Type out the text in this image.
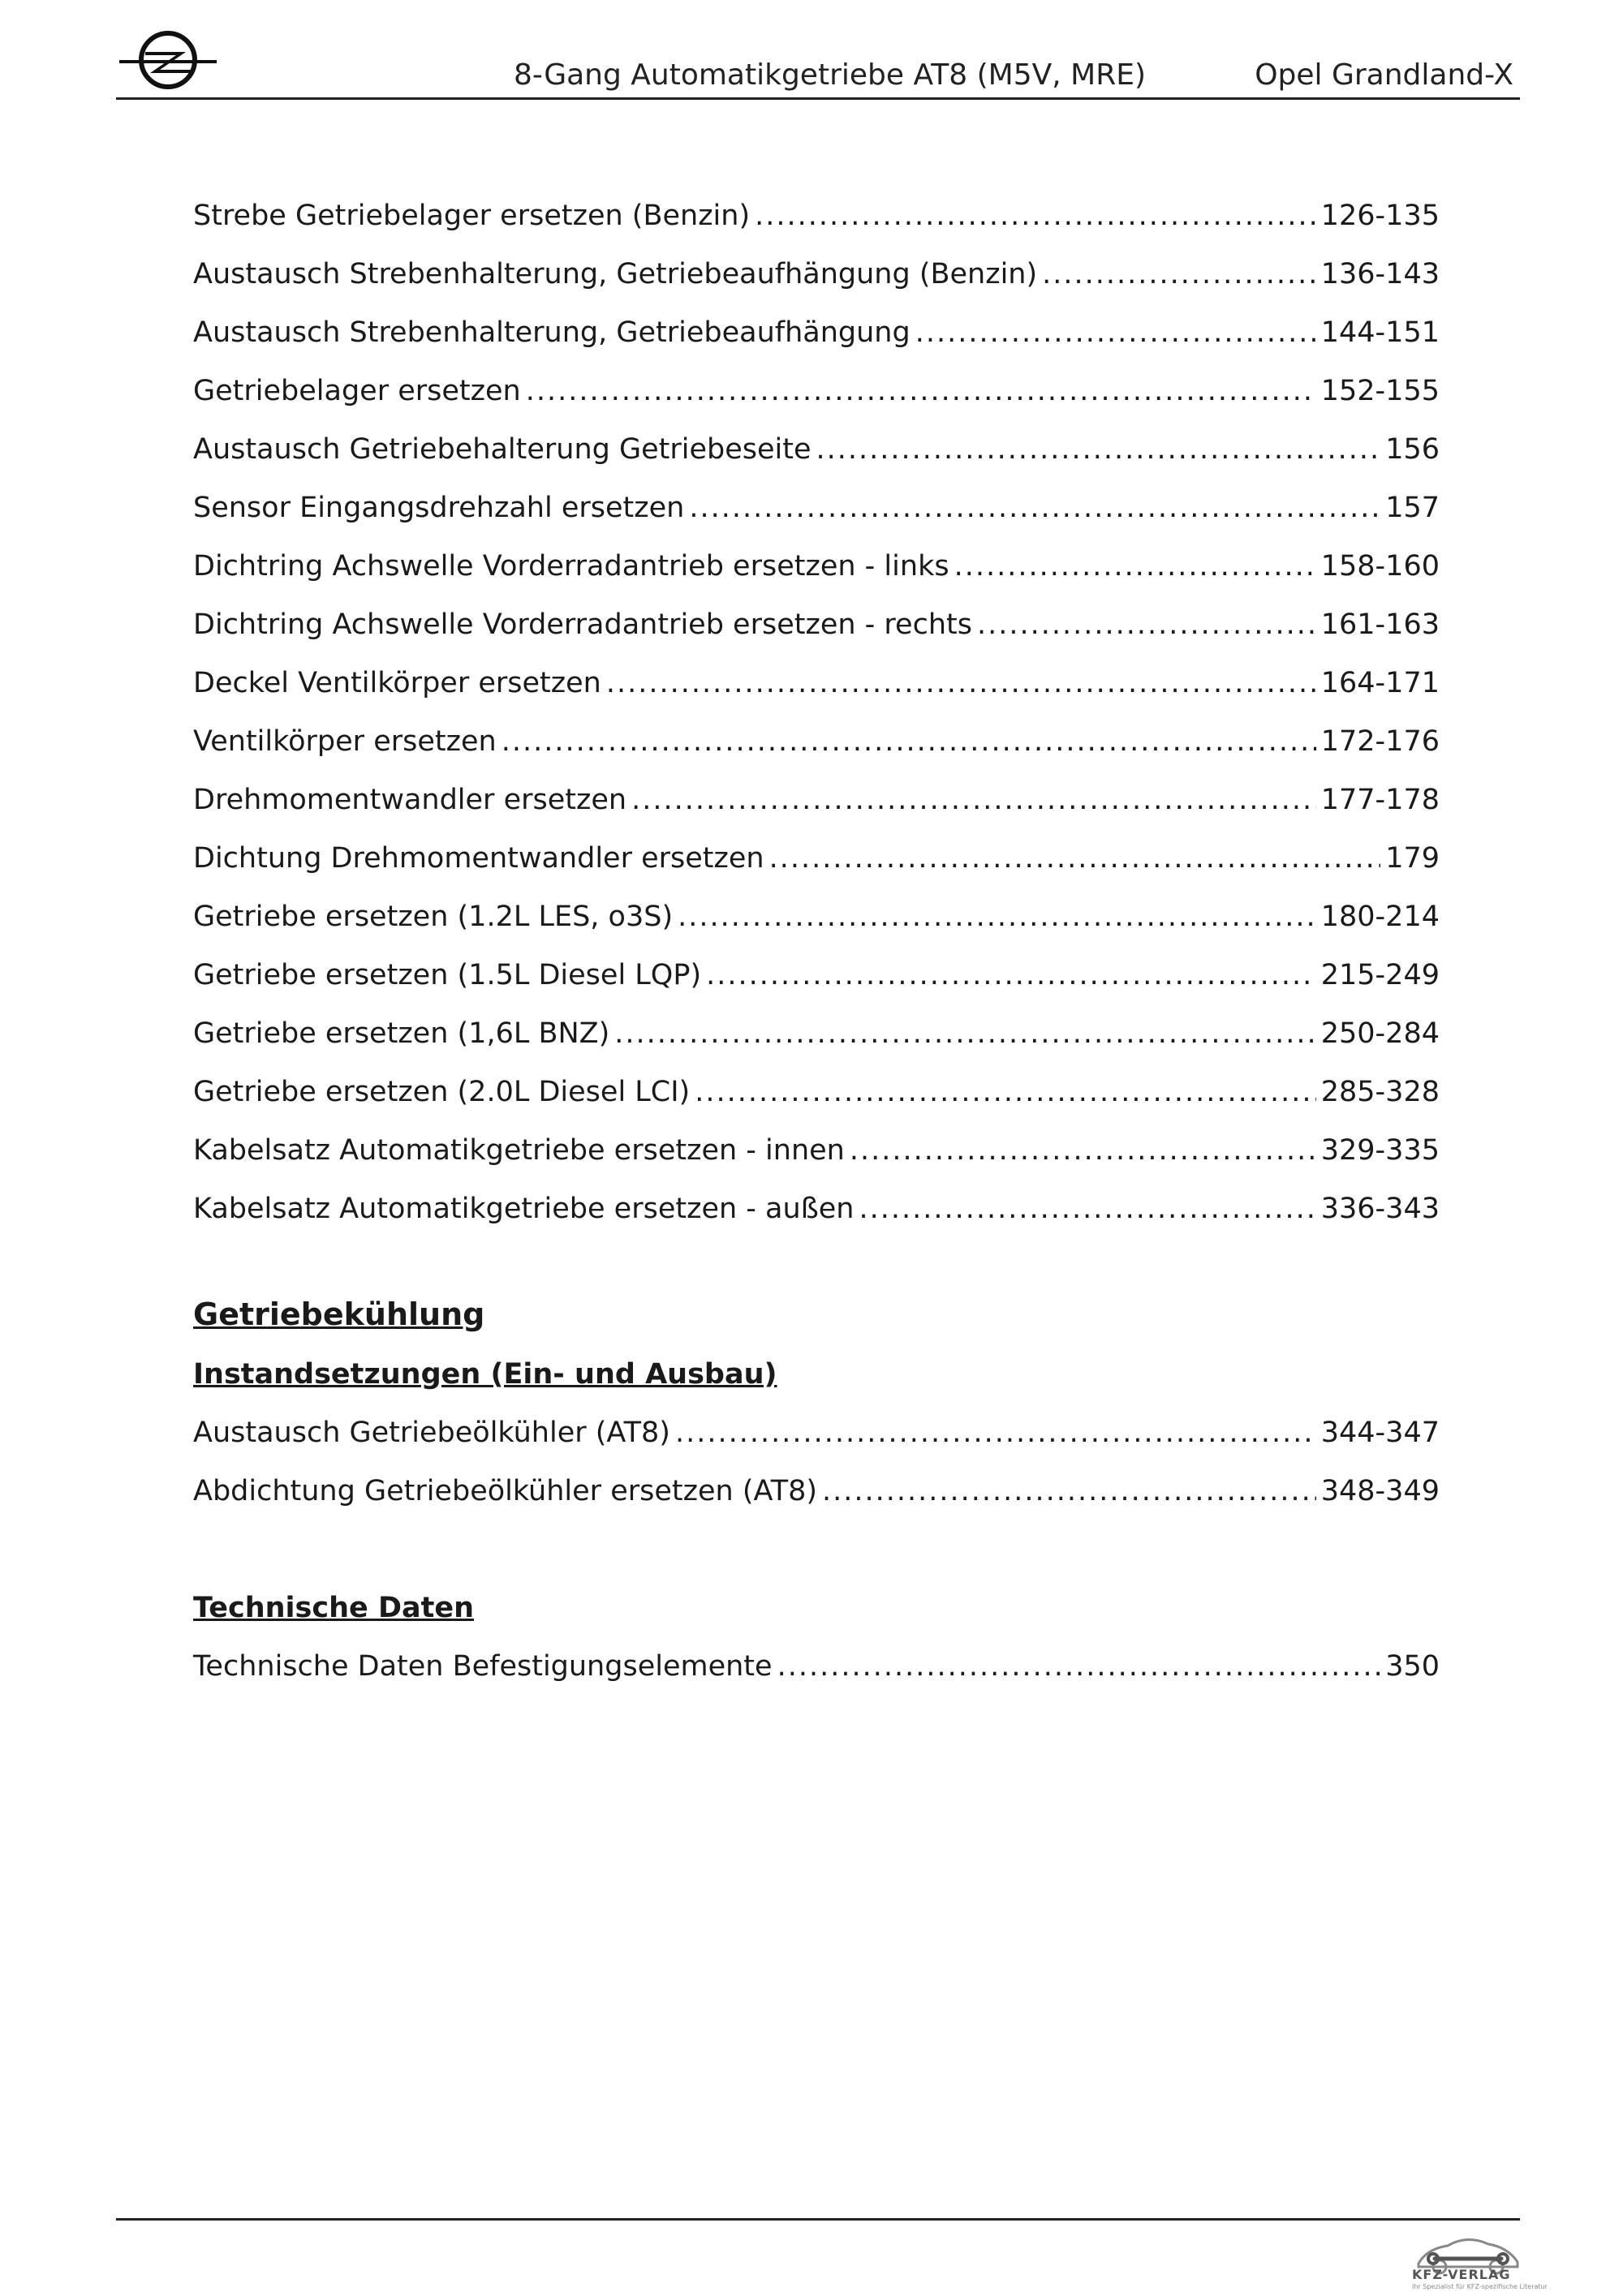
8-Gang Automatikgetriebe AT8 (M5V, MRE)	Opel Grandland-X
Strebe Getriebelager ersetzen (Benzin) .....	126-135
Austausch Strebenhalterung, Getriebeaufhängung (Benzin) .....	136-143
Austausch Strebenhalterung, Getriebeaufhängung .....	144-151
Getriebelager ersetzen .....	152-155
Austausch Getriebehalterung Getriebeseite .....	156
Sensor Eingangsdrehzahl ersetzen .....	157
Dichtring Achswelle Vorderradantrieb ersetzen - links .....	158-160
Dichtring Achswelle Vorderradantrieb ersetzen - rechts .....	161-163
Deckel Ventilkörper ersetzen .....	164-171
Ventilkörper ersetzen .....	172-176
Drehmomentwandler ersetzen .....	177-178
Dichtung Drehmomentwandler ersetzen .....	179
Getriebe ersetzen (1.2L LES, o3S) .....	180-214
Getriebe ersetzen (1.5L Diesel LQP) .....	215-249
Getriebe ersetzen (1,6L BNZ) .....	250-284
Getriebe ersetzen (2.0L Diesel LCI) .....	285-328
Kabelsatz Automatikgetriebe ersetzen - innen .....	329-335
Kabelsatz Automatikgetriebe ersetzen - außen .....	336-343
Getriebekühlung
Instandsetzungen (Ein- und Ausbau)
Austausch Getriebeölkühler (AT8) .....	344-347
Abdichtung Getriebeölkühler ersetzen (AT8) .....	348-349
Technische Daten
Technische Daten Befestigungselemente .....	350
KFZ-VERLAG
Ihr Spezialist für KFZ-spezifische Literatur
